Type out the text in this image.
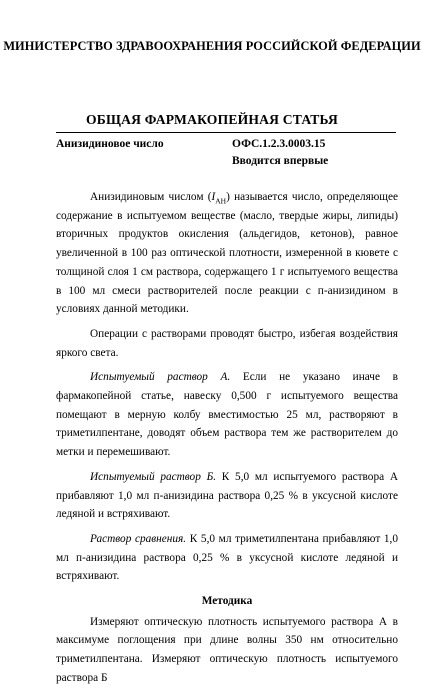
МИНИСТЕРСТВО ЗДРАВООХРАНЕНИЯ РОССИЙСКОЙ ФЕДЕРАЦИИ
ОБЩАЯ ФАРМАКОПЕЙНАЯ СТАТЬЯ
Анизидиновое число	ОФС.1.2.3.0003.15
Вводится впервые

Анизидиновым числом $(I_{АН})$ называется число, определяющее содержание в испытуемом веществе (масло, твердые жиры, липиды) вторичных продуктов окисления (альдегидов, кетонов), равное увеличенной в 100 раз оптической плотности, измеренной в кювете с толщиной слоя 1 см раствора, содержащего 1 г испытуемого вещества в 100 мл смеси растворителей после реакции с п-анизидином в условиях данной методики.

Операции с растворами проводят быстро, избегая воздействия яркого света.

Испытуемый раствор А. Если не указано иначе в фармакопейной статье, навеску 0,500 г испытуемого вещества помещают в мерную колбу вместимостью 25 мл, растворяют в триметилпентане, доводят объем раствора тем же растворителем до метки и перемешивают.

Испытуемый раствор Б. К 5,0 мл испытуемого раствора А прибавляют 1,0 мл п-анизидина раствора 0,25 % в уксусной кислоте ледяной и встряхивают.

Раствор сравнения. К 5,0 мл триметилпентана прибавляют 1,0 мл п-анизидина раствора 0,25 % в уксусной кислоте ледяной и встряхивают.

Методика

Измеряют оптическую плотность испытуемого раствора А в максимуме поглощения при длине волны 350 нм относительно триметилпентана. Измеряют оптическую плотность испытуемого раствора Б
